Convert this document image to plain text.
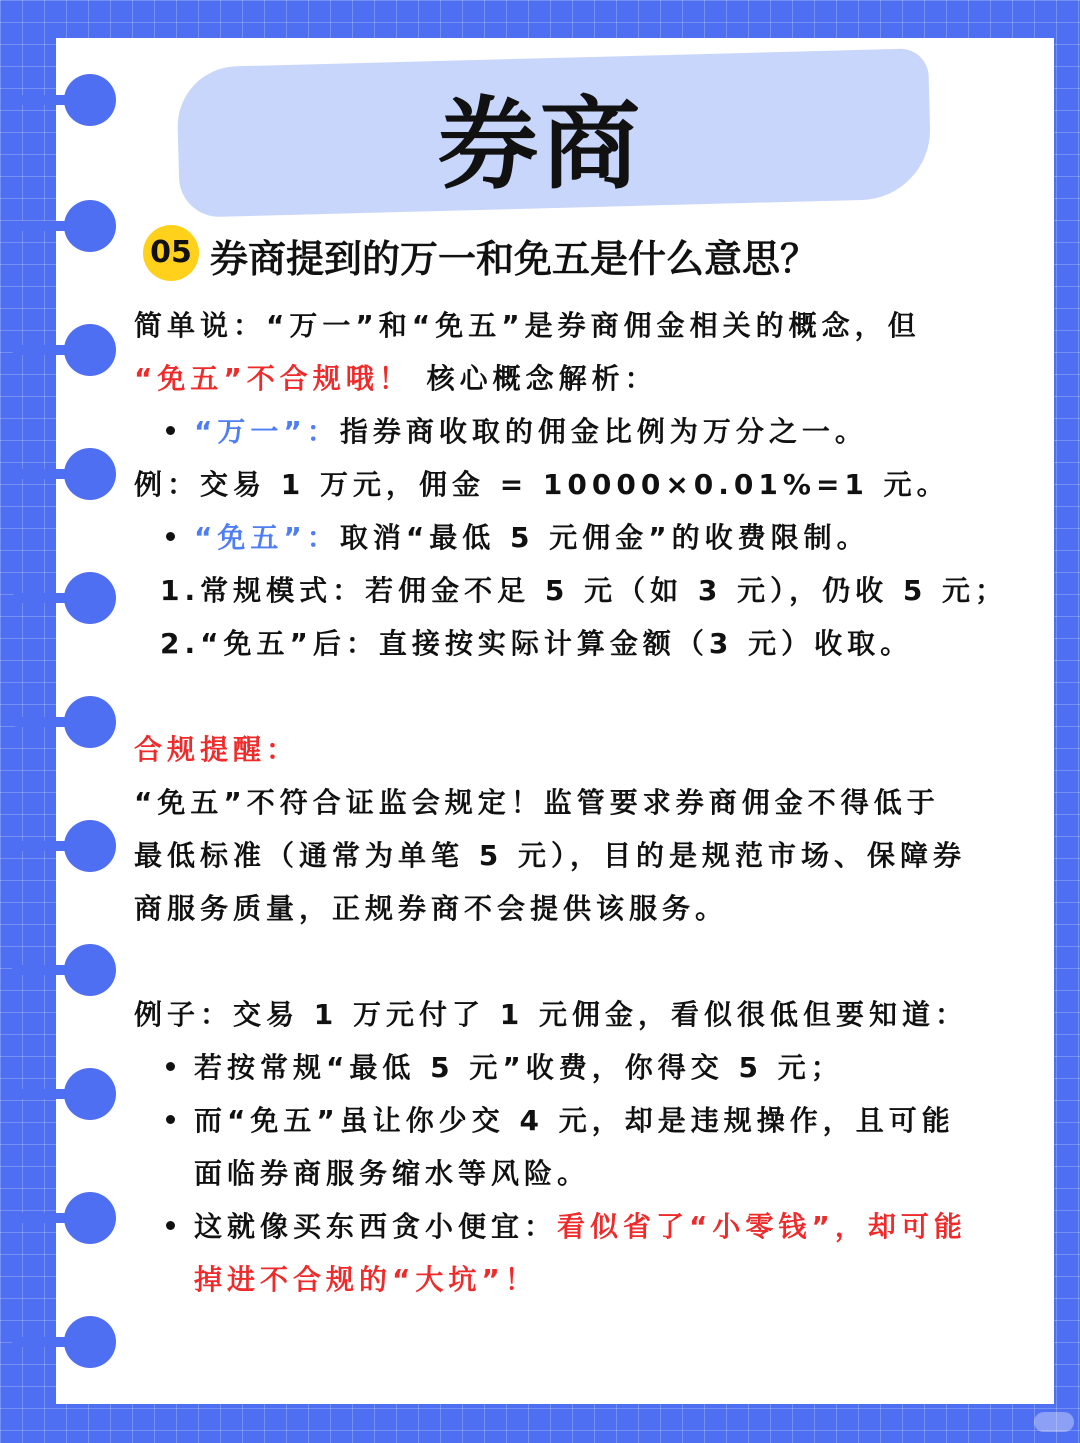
券商
05 券商提到的万一和免五是什么意思？
简单说：“万一”和“免五”是券商佣金相关的概念，但
“免五”不合规哦！ 核心概念解析：
“万一”：指券商收取的佣金比例为万分之一。
例：交易 1 万元，佣金 = 10000×0.01%=1 元。
“免五”：取消“最低 5 元佣金”的收费限制。
1.常规模式：若佣金不足 5 元（如 3 元），仍收 5 元；
2.“免五”后：直接按实际计算金额（3 元）收取。
合规提醒：
“免五”不符合证监会规定！监管要求券商佣金不得低于
最低标准（通常为单笔 5 元），目的是规范市场、保障券
商服务质量，正规券商不会提供该服务。
例子：交易 1 万元付了 1 元佣金，看似很低但要知道：
若按常规“最低 5 元”收费，你得交 5 元；
而“免五”虽让你少交 4 元，却是违规操作，且可能
面临券商服务缩水等风险。
这就像买东西贪小便宜：看似省了“小零钱”，却可能
掉进不合规的“大坑”！
